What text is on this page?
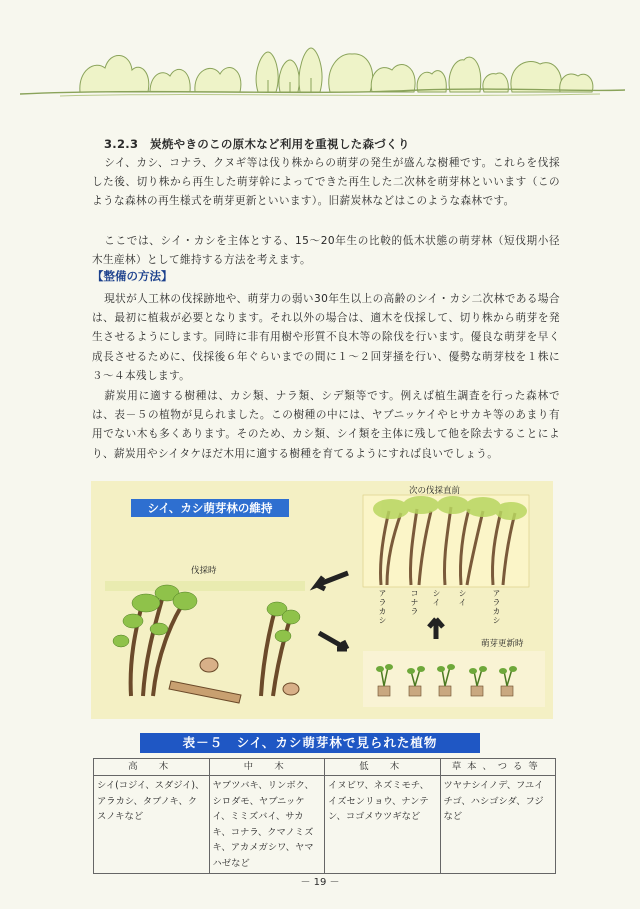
3.2.3　炭焼やきのこの原木など利用を重視した森づくり
シイ、カシ、コナラ、クヌギ等は伐り株からの萌芽の発生が盛んな樹種です。これらを伐採した後、切り株から再生した萌芽幹によってできた再生した二次林を萌芽林といいます（このような森林の再生様式を萌芽更新といいます）。旧薪炭林などはこのような森林です。
ここでは、シイ・カシを主体とする、15～20年生の比較的低木状態の萌芽林（短伐期小径木生産林）として維持する方法を考えます。
【整備の方法】
現状が人工林の伐採跡地や、萌芽力の弱い30年生以上の高齢のシイ・カシ二次林である場合は、最初に植栽が必要となります。それ以外の場合は、適木を伐採して、切り株から萌芽を発生させるようにします。同時に非有用樹や形質不良木等の除伐を行います。優良な萌芽を早く成長させるために、伐採後６年ぐらいまでの間に１～２回芽掻を行い、優勢な萌芽枝を１株に３～４本残します。
薪炭用に適する樹種は、カシ類、ナラ類、シデ類等です。例えば植生調査を行った森林では、表－５の植物が見られました。この樹種の中には、ヤブニッケイやヒサカキ等のあまり有用でない木も多くあります。そのため、カシ類、シイ類を主体に残して他を除去することにより、薪炭用やシイタケほだ木用に適する樹種を育てるようにすれば良いでしょう。
シイ、カシ萌芽林の維持
伐採時
次の伐採直前
萌芽更新時
アラカシ	コナラ シイ シイ	アラカシ
表－５　シイ、カシ萌芽林で見られた植物
高　木	中　木	低　木	草本、つる等
シイ(コジイ、スダジイ)、アラカシ、タブノキ、クスノキなど	ヤブツバキ、リンボク、シロダモ、ヤブニッケイ、ミミズバイ、サカキ、コナラ、クマノミズキ、アカメガシワ、ヤマハゼなど	イヌビワ、ネズミモチ、イズセンリョウ、ナンテン、コゴメウツギなど	ツヤナシイノデ、フユイチゴ、ハシゴシダ、フジなど
－ 19 －
